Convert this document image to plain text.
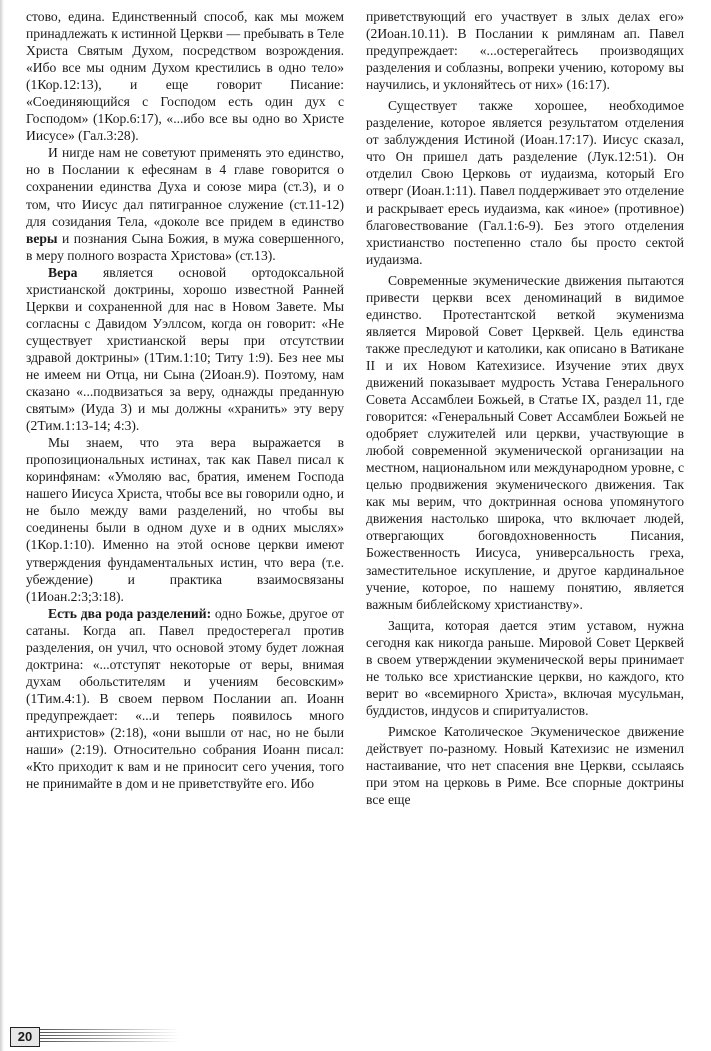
стово, едина. Единственный способ, как мы можем принадлежать к истинной Церкви — пребывать в Теле Христа Святым Духом, посредством возрождения. «Ибо все мы одним Духом крестились в одно тело» (1Кор.12:13), и еще говорит Писание: «Соединяющийся с Господом есть один дух с Господом» (1Кор.6:17), «...ибо все вы одно во Христе Иисусе» (Гал.3:28).

И нигде нам не советуют применять это единство, но в Послании к ефесянам в 4 главе говорится о сохранении единства Духа и союзе мира (ст.3), и о том, что Иисус дал пятигранное служение (ст.11-12) для созидания Тела, «доколе все придем в единство веры и познания Сына Божия, в мужа совершенного, в меру полного возраста Христова» (ст.13).

Вера является основой ортодоксальной христианской доктрины, хорошо известной Ранней Церкви и сохраненной для нас в Новом Завете. Мы согласны с Давидом Уэллсом, когда он говорит: «Не существует христианской веры при отсутствии здравой доктрины» (1Тим.1:10; Титу 1:9). Без нее мы не имеем ни Отца, ни Сына (2Иоан.9). Поэтому, нам сказано «...подвизаться за веру, однажды преданную святым» (Иуда 3) и мы должны «хранить» эту веру (2Тим.1:13-14; 4:3).

Мы знаем, что эта вера выражается в пропозициональных истинах, так как Павел писал к коринфянам: «Умоляю вас, братия, именем Господа нашего Иисуса Христа, чтобы все вы говорили одно, и не было между вами разделений, но чтобы вы соединены были в одном духе и в одних мыслях» (1Кор.1:10). Именно на этой основе церкви имеют утверждения фундаментальных истин, что вера (т.е. убеждение) и практика взаимосвязаны (1Иоан.2:3;3:18).

Есть два рода разделений: одно Божье, другое от сатаны. Когда ап. Павел предостерегал против разделения, он учил, что основой этому будет ложная доктрина: «...отступят некоторые от веры, внимая духам обольстителям и учениям бесовским» (1Тим.4:1). В своем первом Послании ап. Иоанн предупреждает: «...и теперь появилось много антихристов» (2:18), «они вышли от нас, но не были наши» (2:19). Относительно собрания Иоанн писал: «Кто приходит к вам и не приносит сего учения, того не принимайте в дом и не приветствуйте его. Ибо

приветствующий его участвует в злых делах его» (2Иоан.10.11). В Послании к римлянам ап. Павел предупреждает: «...остерегайтесь производящих разделения и соблазны, вопреки учению, которому вы научились, и уклоняйтесь от них» (16:17).

Существует также хорошее, необходимое разделение, которое является результатом отделения от заблуждения Истиной (Иоан.17:17). Иисус сказал, что Он пришел дать разделение (Лук.12:51). Он отделил Свою Церковь от иудаизма, который Его отверг (Иоан.1:11). Павел поддерживает это отделение и раскрывает ересь иудаизма, как «иное» (противное) благовествование (Гал.1:6-9). Без этого отделения христианство постепенно стало бы просто сектой иудаизма.

Современные экуменические движения пытаются привести церкви всех деноминаций в видимое единство. Протестантской веткой экуменизма является Мировой Совет Церквей. Цель единства также преследуют и католики, как описано в Ватикане II и их Новом Катехизисе. Изучение этих двух движений показывает мудрость Устава Генерального Совета Ассамблеи Божьей, в Статье IX, раздел 11, где говорится: «Генеральный Совет Ассамблеи Божьей не одобряет служителей или церкви, участвующие в любой современной экуменической организации на местном, национальном или международном уровне, с целью продвижения экуменического движения. Так как мы верим, что доктринная основа упомянутого движения настолько широка, что включает людей, отвергающих боговдохновенность Писания, Божественность Иисуса, универсальность греха, заместительное искупление, и другое кардинальное учение, которое, по нашему понятию, является важным библейскому христианству».

Защита, которая дается этим уставом, нужна сегодня как никогда раньше. Мировой Совет Церквей в своем утверждении экуменической веры принимает не только все христианские церкви, но каждого, кто верит во «всемирного Христа», включая мусульман, буддистов, индусов и спиритуалистов.

Римское Католическое Экуменическое движение действует по-разному. Новый Катехизис не изменил настаивание, что нет спасения вне Церкви, ссылаясь при этом на церковь в Риме. Все спорные доктрины все еще

20
